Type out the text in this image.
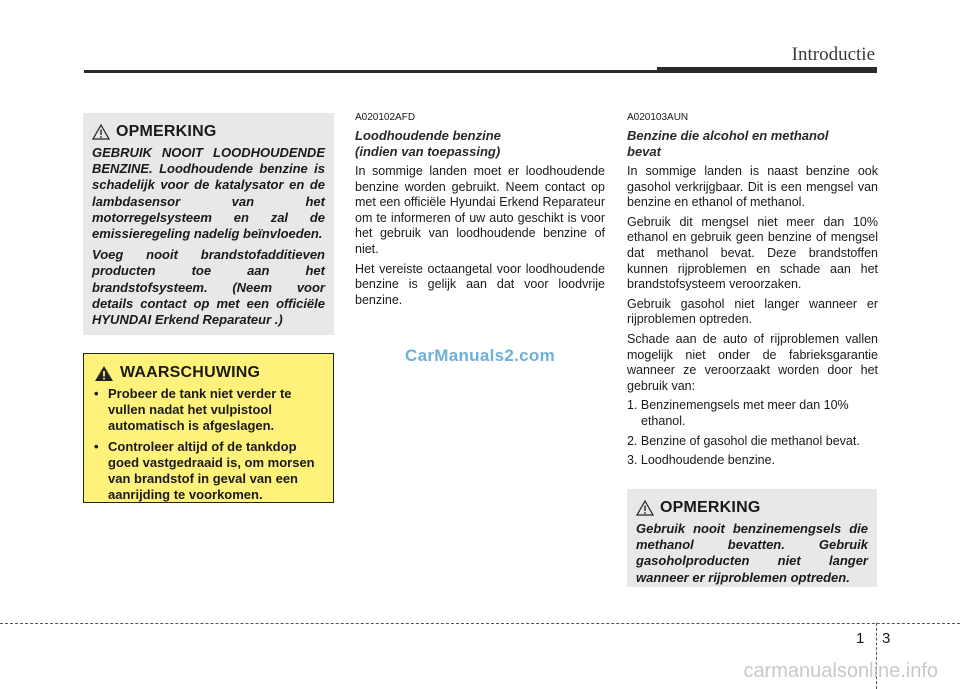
Introductie
OPMERKING

GEBRUIK NOOIT LOODHOUDENDE BENZINE. Loodhoudende benzine is schadelijk voor de katalysator en de lambdasensor van het motorregelsysteem en zal de emissieregeling nadelig beïnvloeden.

Voeg nooit brandstofadditieven producten toe aan het brandstofsysteem. (Neem voor details contact op met een officiële HYUNDAI Erkend Reparateur .)

WAARSCHUWING
• Probeer de tank niet verder te vullen nadat het vulpistool automatisch is afgeslagen.
• Controleer altijd of de tankdop goed vastgedraaid is, om morsen van brandstof in geval van een aanrijding te voorkomen.
A020102AFD
Loodhoudende benzine
(indien van toepassing)

In sommige landen moet er loodhoudende benzine worden gebruikt. Neem contact op met een officiële Hyundai Erkend Reparateur om te informeren of uw auto geschikt is voor het gebruik van loodhoudende benzine of niet.

Het vereiste octaangetal voor loodhoudende benzine is gelijk aan dat voor loodvrije benzine.

CarManuals2.com
A020103AUN
Benzine die alcohol en methanol
bevat

In sommige landen is naast benzine ook gasohol verkrijgbaar. Dit is een mengsel van benzine en ethanol of methanol.

Gebruik dit mengsel niet meer dan 10% ethanol en gebruik geen benzine of mengsel dat methanol bevat. Deze brandstoffen kunnen rijproblemen en schade aan het brandstofsysteem veroorzaken.

Gebruik gasohol niet langer wanneer er rijproblemen optreden.

Schade aan de auto of rijproblemen vallen mogelijk niet onder de fabrieksgarantie wanneer ze veroorzaakt worden door het gebruik van:

1. Benzinemengsels met meer dan 10% ethanol.
2. Benzine of gasohol die methanol bevat.
3. Loodhoudende benzine.
OPMERKING

Gebruik nooit benzinemengsels die methanol bevatten. Gebruik gasoholproducten niet langer wanneer er rijproblemen optreden.

1 3
carmanualsonline.info
